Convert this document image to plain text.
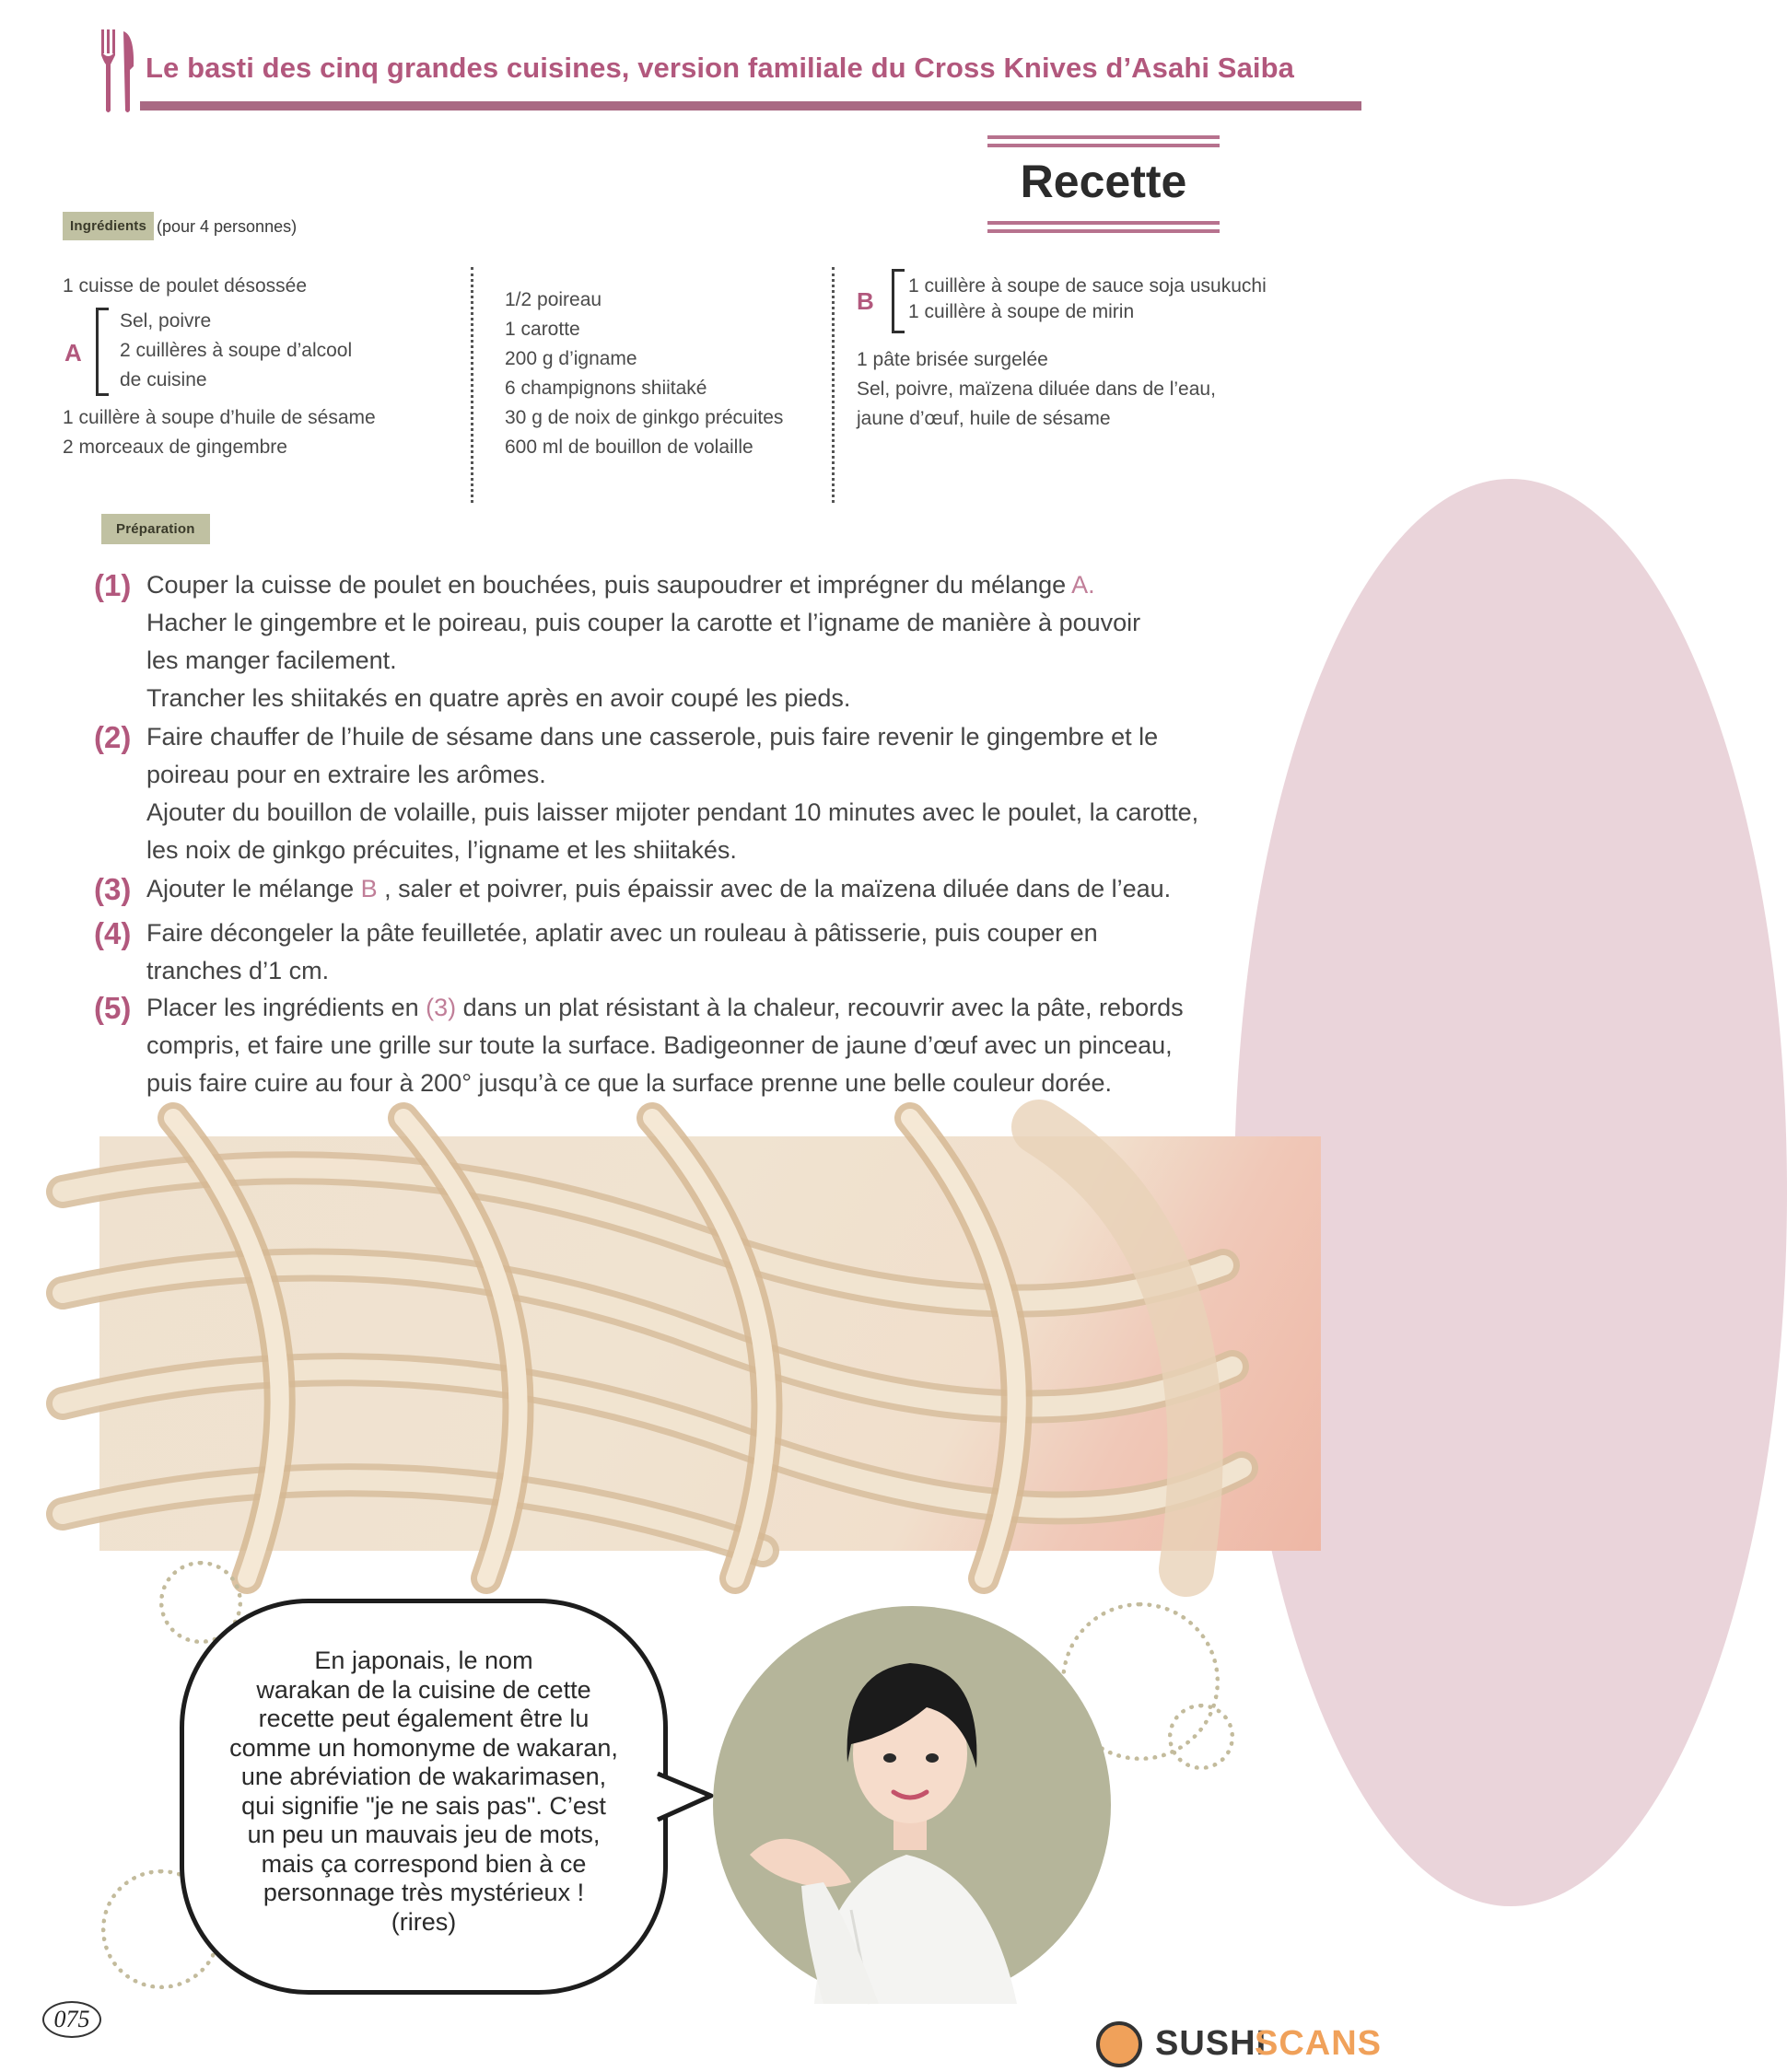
Le basti des cinq grandes cuisines, version familiale du Cross Knives d’Asahi Saiba
Recette
Ingrédients (pour 4 personnes)
1 cuisse de poulet désossée
A
Sel, poivre
2 cuillères à soupe d’alcool
de cuisine
1 cuillère à soupe d’huile de sésame
2 morceaux de gingembre
1/2 poireau
1 carotte
200 g d’igname
6 champignons shiitaké
30 g de noix de ginkgo précuites
600 ml de bouillon de volaille
B
1 cuillère à soupe de sauce soja usukuchi
1 cuillère à soupe de mirin
1 pâte brisée surgelée
Sel, poivre, maïzena diluée dans de l’eau,
jaune d’œuf, huile de sésame
Préparation
(1) Couper la cuisse de poulet en bouchées, puis saupoudrer et imprégner du mélange A.
Hacher le gingembre et le poireau, puis couper la carotte et l’igname de manière à pouvoir
les manger facilement.
Trancher les shiitakés en quatre après en avoir coupé les pieds.
(2) Faire chauffer de l’huile de sésame dans une casserole, puis faire revenir le gingembre et le
poireau pour en extraire les arômes.
Ajouter du bouillon de volaille, puis laisser mijoter pendant 10 minutes avec le poulet, la carotte,
les noix de ginkgo précuites, l’igname et les shiitakés.
(3) Ajouter le mélange B , saler et poivrer, puis épaissir avec de la maïzena diluée dans de l’eau.
(4) Faire décongeler la pâte feuilletée, aplatir avec un rouleau à pâtisserie, puis couper en
tranches d’1 cm.
(5) Placer les ingrédients en (3) dans un plat résistant à la chaleur, recouvrir avec la pâte, rebords
compris, et faire une grille sur toute la surface. Badigeonner de jaune d’œuf avec un pinceau,
puis faire cuire au four à 200° jusqu’à ce que la surface prenne une belle couleur dorée.
En japonais, le nom
warakan de la cuisine de cette
recette peut également être lu
comme un homonyme de wakaran,
une abréviation de wakarimasen,
qui signifie "je ne sais pas". C’est
un peu un mauvais jeu de mots,
mais ça correspond bien à ce
personnage très mystérieux !
(rires)
075
SUSHI
SCANS
